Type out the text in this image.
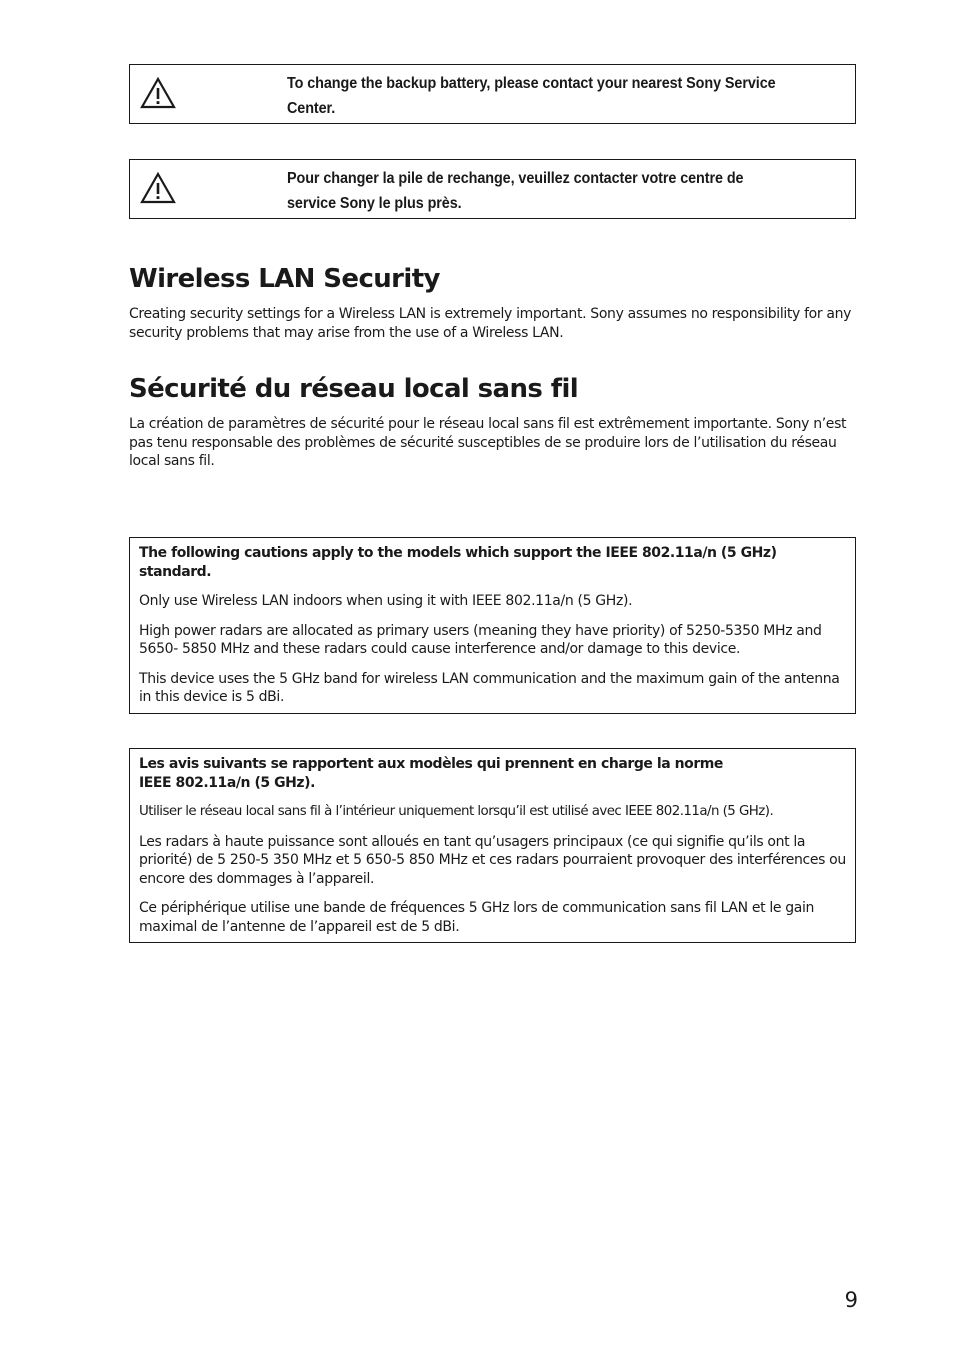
To change the backup battery, please contact your nearest Sony Service Center.
Pour changer la pile de rechange, veuillez contacter votre centre de service Sony le plus près.
Wireless LAN Security

Creating security settings for a Wireless LAN is extremely important. Sony assumes no responsibility for any security problems that may arise from the use of a Wireless LAN.

Sécurité du réseau local sans fil

La création de paramètres de sécurité pour le réseau local sans fil est extrêmement importante. Sony n’est pas tenu responsable des problèmes de sécurité susceptibles de se produire lors de l’utilisation du réseau local sans fil.

The following cautions apply to the models which support the IEEE 802.11a/n (5 GHz) standard.

Only use Wireless LAN indoors when using it with IEEE 802.11a/n (5 GHz).

High power radars are allocated as primary users (meaning they have priority) of 5250-5350 MHz and 5650- 5850 MHz and these radars could cause interference and/or damage to this device.

This device uses the 5 GHz band for wireless LAN communication and the maximum gain of the antenna in this device is 5 dBi.

Les avis suivants se rapportent aux modèles qui prennent en charge la norme
IEEE 802.11a/n (5 GHz).

Utiliser le réseau local sans fil à l’intérieur uniquement lorsqu’il est utilisé avec IEEE 802.11a/n (5 GHz).

Les radars à haute puissance sont alloués en tant qu’usagers principaux (ce qui signifie qu’ils ont la priorité) de 5 250-5 350 MHz et 5 650-5 850 MHz et ces radars pourraient provoquer des interférences ou encore des dommages à l’appareil.

Ce périphérique utilise une bande de fréquences 5 GHz lors de communication sans fil LAN et le gain maximal de l’antenne de l’appareil est de 5 dBi.

9
